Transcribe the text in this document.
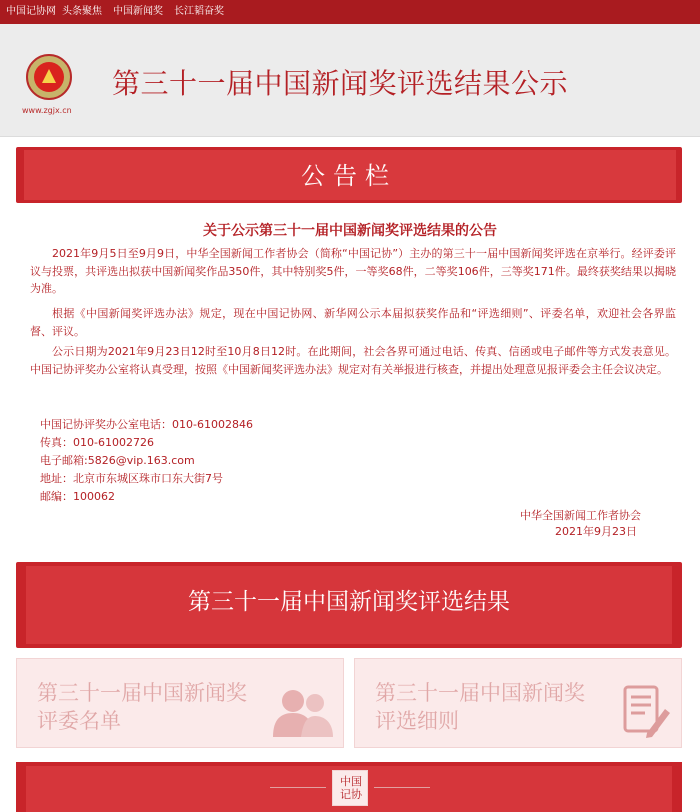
中国记协网 头条聚焦 中国新闻奖 长江韬奋奖
www.zgjx.cn
第三十一届中国新闻奖评选结果公示
公告栏
关于公示第三十一届中国新闻奖评选结果的公告

2021年9月5日至9月9日，中华全国新闻工作者协会（简称“中国记协”）主办的第三十一届中国新闻奖评选在京举行。经评委评议与投票，共评选出拟获中国新闻奖作品350件，其中特别奖5件，一等奖68件，二等奖106件，三等奖171件。最终获奖结果以揭晓为准。

根据《中国新闻奖评选办法》规定，现在中国记协网、新华网公示本届拟获奖作品和“评选细则”、评委名单，欢迎社会各界监督、评议。

公示日期为2021年9月23日12时至10月8日12时。在此期间，社会各界可通过电话、传真、信函或电子邮件等方式发表意见。中国记协评奖办公室将认真受理，按照《中国新闻奖评选办法》规定对有关举报进行核查，并提出处理意见报评委会主任会议决定。

中国记协评奖办公室电话：010-61002846
传真：010-61002726
电子邮箱:5826@vip.163.com
地址：北京市东城区珠市口东大街7号
邮编：100062
中华全国新闻工作者协会
2021年9月23日
第三十一届中国新闻奖评选结果
第三十一届中国新闻奖
评委名单
第三十一届中国新闻奖
评选细则
中国记协
